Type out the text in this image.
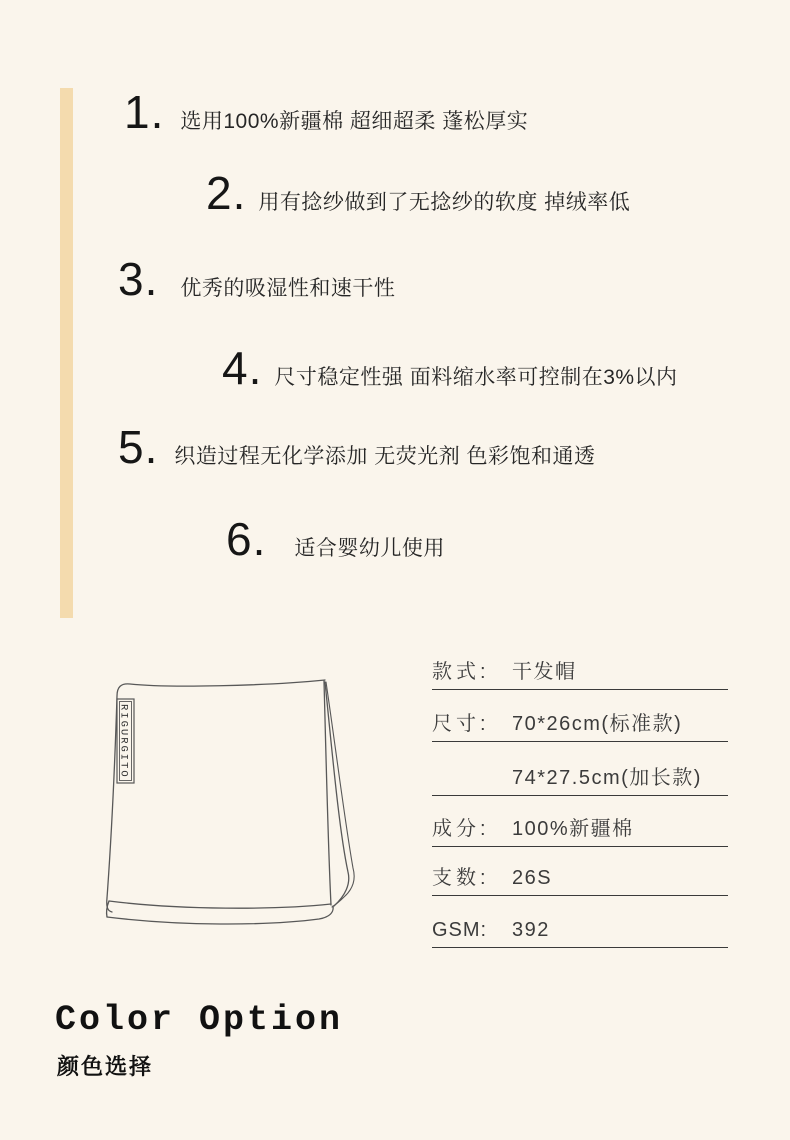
1. 选用100%新疆棉 超细超柔 蓬松厚实
2. 用有捻纱做到了无捻纱的软度 掉绒率低
3. 优秀的吸湿性和速干性
4. 尺寸稳定性强 面料缩水率可控制在3%以内
5. 织造过程无化学添加 无荧光剂 色彩饱和通透
6. 适合婴幼儿使用
RIGURGITO
款式:	干发帽
尺寸:	70*26cm(标准款)
74*27.5cm(加长款)
成分:	100%新疆棉
支数:	26S
GSM:	392
Color Option
颜色选择
